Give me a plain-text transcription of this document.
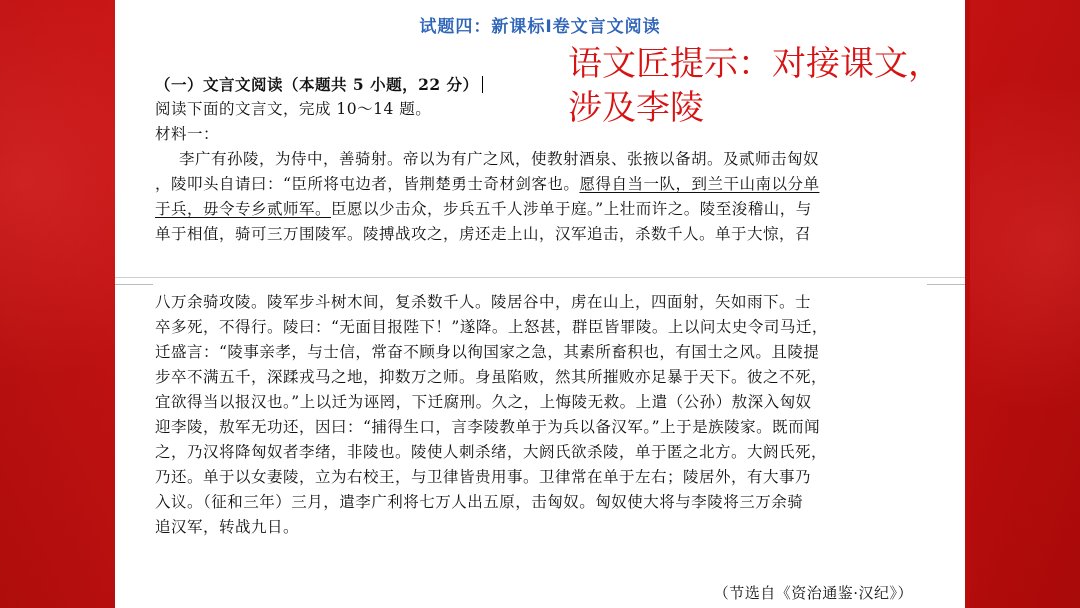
试题四：新课标Ⅰ卷文言文阅读
语文匠提示：对接课文，
涉及李陵
（一）文言文阅读（本题共 5 小题，22 分）
阅读下面的文言文，完成 10～14 题。
材料一：
李广有孙陵，为侍中，善骑射。帝以为有广之风，使教射酒泉、张掖以备胡。及贰师击匈奴
，陵叩头自请曰：“臣所将屯边者，皆荆楚勇士奇材剑客也。愿得自当一队，到兰干山南以分单
于兵，毋令专乡贰师军。臣愿以少击众，步兵五千人涉单于庭。”上壮而许之。陵至浚稽山，与
单于相值，骑可三万围陵军。陵搏战攻之，虏还走上山，汉军追击，杀数千人。单于大惊，召
八万余骑攻陵。陵军步斗树木间，复杀数千人。陵居谷中，虏在山上，四面射，矢如雨下。士
卒多死，不得行。陵曰：“无面目报陛下！”遂降。上怒甚，群臣皆罪陵。上以问太史令司马迁，
迁盛言：“陵事亲孝，与士信，常奋不顾身以徇国家之急，其素所畜积也，有国士之风。且陵提
步卒不满五千，深蹂戎马之地，抑数万之师。身虽陷败，然其所摧败亦足暴于天下。彼之不死，
宜欲得当以报汉也。”上以迁为诬罔，下迁腐刑。久之，上悔陵无救。上遣（公孙）敖深入匈奴
迎李陵，敖军无功还，因曰：“捕得生口，言李陵教单于为兵以备汉军。”上于是族陵家。既而闻
之，乃汉将降匈奴者李绪，非陵也。陵使人刺杀绪，大阏氏欲杀陵，单于匿之北方。大阏氏死，
乃还。单于以女妻陵，立为右校王，与卫律皆贵用事。卫律常在单于左右；陵居外，有大事乃
入议。（征和三年）三月，遣李广利将七万人出五原，击匈奴。匈奴使大将与李陵将三万余骑
追汉军，转战九日。
（节选自《资治通鉴·汉纪》）
